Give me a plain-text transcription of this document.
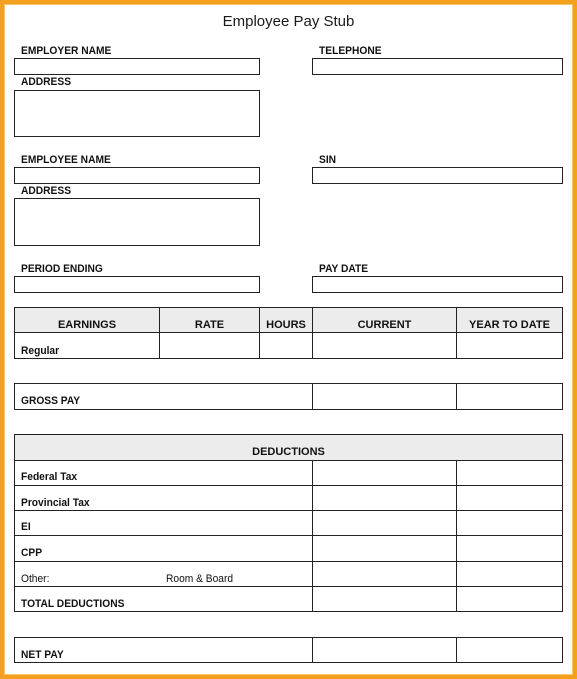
Employee Pay Stub
EMPLOYER NAME	TELEPHONE
ADDRESS
EMPLOYEE NAME	SIN
ADDRESS
PERIOD ENDING	PAY DATE
EARNINGS	RATE	HOURS	CURRENT	YEAR TO DATE
Regular
GROSS PAY
DEDUCTIONS
Federal Tax
Provincial Tax
EI
CPP
Other:	Room & Board
TOTAL DEDUCTIONS
NET PAY
